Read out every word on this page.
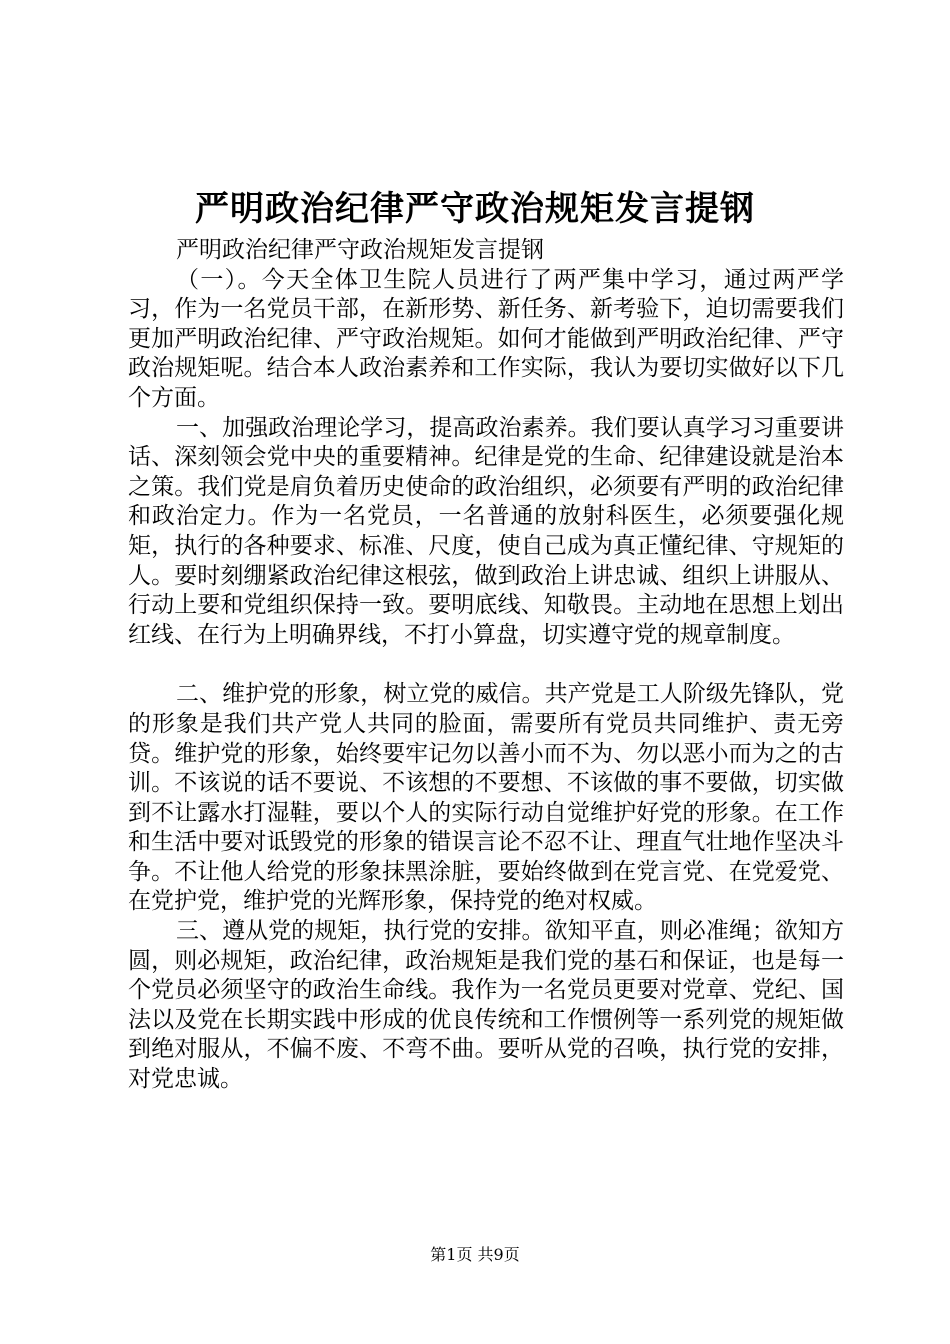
严明政治纪律严守政治规矩发言提钢

严明政治纪律严守政治规矩发言提钢

（一）。今天全体卫生院人员进行了两严集中学习，通过两严学习，作为一名党员干部，在新形势、新任务、新考验下，迫切需要我们更加严明政治纪律、严守政治规矩。如何才能做到严明政治纪律、严守政治规矩呢。结合本人政治素养和工作实际，我认为要切实做好以下几个方面。

一、加强政治理论学习，提高政治素养。我们要认真学习习重要讲话、深刻领会党中央的重要精神。纪律是党的生命、纪律建设就是治本之策。我们党是肩负着历史使命的政治组织，必须要有严明的政治纪律和政治定力。作为一名党员，一名普通的放射科医生，必须要强化规矩，执行的各种要求、标准、尺度，使自己成为真正懂纪律、守规矩的人。要时刻绷紧政治纪律这根弦，做到政治上讲忠诚、组织上讲服从、行动上要和党组织保持一致。要明底线、知敬畏。主动地在思想上划出红线、在行为上明确界线，不打小算盘，切实遵守党的规章制度。

二、维护党的形象，树立党的威信。共产党是工人阶级先锋队，党的形象是我们共产党人共同的脸面，需要所有党员共同维护、责无旁贷。维护党的形象，始终要牢记勿以善小而不为、勿以恶小而为之的古训。不该说的话不要说、不该想的不要想、不该做的事不要做，切实做到不让露水打湿鞋，要以个人的实际行动自觉维护好党的形象。在工作和生活中要对诋毁党的形象的错误言论不忍不让、理直气壮地作坚决斗争。不让他人给党的形象抹黑涂脏，要始终做到在党言党、在党爱党、在党护党，维护党的光辉形象，保持党的绝对权威。

三、遵从党的规矩，执行党的安排。欲知平直，则必准绳；欲知方圆，则必规矩，政治纪律，政治规矩是我们党的基石和保证，也是每一个党员必须坚守的政治生命线。我作为一名党员更要对党章、党纪、国法以及党在长期实践中形成的优良传统和工作惯例等一系列党的规矩做到绝对服从，不偏不废、不弯不曲。要听从党的召唤，执行党的安排，对党忠诚。

第1页 共9页
